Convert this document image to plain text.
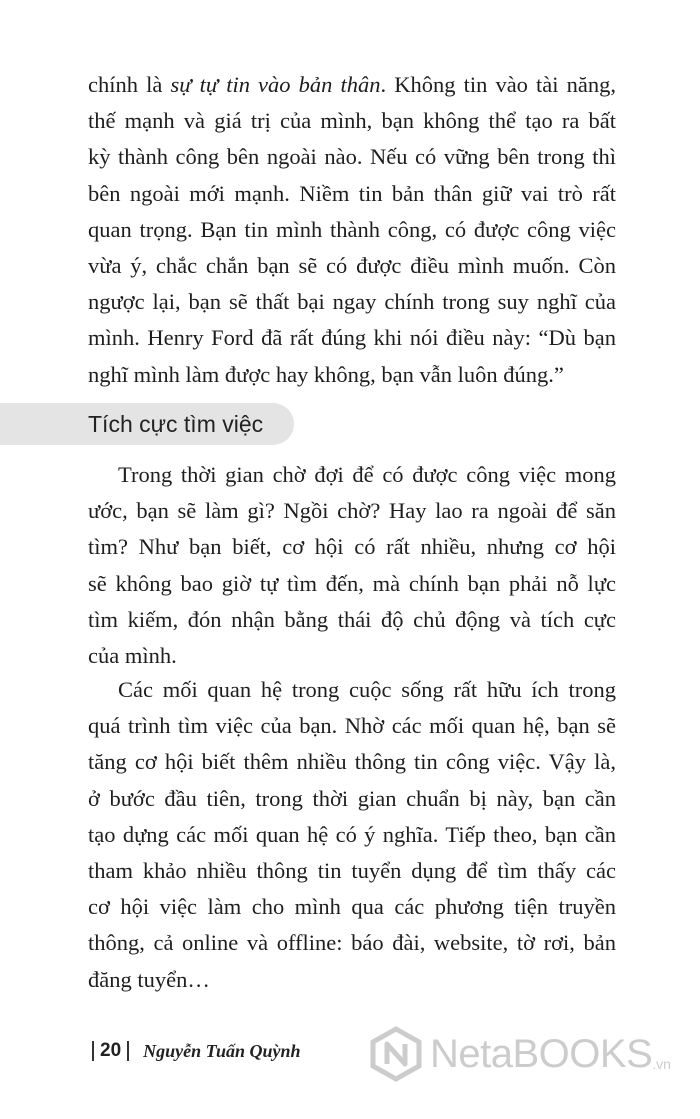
chính là sự tự tin vào bản thân. Không tin vào tài năng,
thế mạnh và giá trị của mình, bạn không thể tạo ra bất
kỳ thành công bên ngoài nào. Nếu có vững bên trong thì
bên ngoài mới mạnh. Niềm tin bản thân giữ vai trò rất
quan trọng. Bạn tin mình thành công, có được công việc
vừa ý, chắc chắn bạn sẽ có được điều mình muốn. Còn
ngược lại, bạn sẽ thất bại ngay chính trong suy nghĩ của
mình. Henry Ford đã rất đúng khi nói điều này: “Dù bạn
nghĩ mình làm được hay không, bạn vẫn luôn đúng.”
Tích cực tìm việc
Trong thời gian chờ đợi để có được công việc mong
ước, bạn sẽ làm gì? Ngồi chờ? Hay lao ra ngoài để săn
tìm? Như bạn biết, cơ hội có rất nhiều, nhưng cơ hội
sẽ không bao giờ tự tìm đến, mà chính bạn phải nỗ lực
tìm kiếm, đón nhận bằng thái độ chủ động và tích cực
của mình.
Các mối quan hệ trong cuộc sống rất hữu ích trong
quá trình tìm việc của bạn. Nhờ các mối quan hệ, bạn sẽ
tăng cơ hội biết thêm nhiều thông tin công việc. Vậy là,
ở bước đầu tiên, trong thời gian chuẩn bị này, bạn cần
tạo dựng các mối quan hệ có ý nghĩa. Tiếp theo, bạn cần
tham khảo nhiều thông tin tuyển dụng để tìm thấy các
cơ hội việc làm cho mình qua các phương tiện truyền
thông, cả online và offline: báo đài, website, tờ rơi, bản
đăng tuyển…
20 Nguyễn Tuấn Quỳnh	NetaBOOKS .vn
